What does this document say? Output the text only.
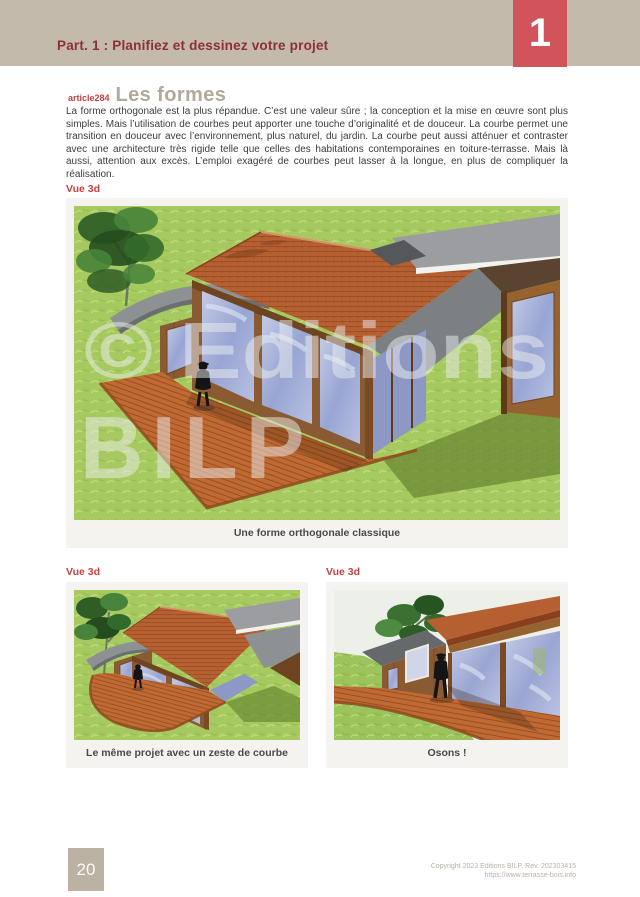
Part. 1 : Planifiez et dessinez votre projet	1
article284 Les formes

La forme orthogonale est la plus répandue. C’est une valeur sûre ; la conception et la mise en œuvre sont plus simples. Mais l’utilisation de courbes peut apporter une touche d’originalité et de douceur. La courbe permet une transition en douceur avec l’environnement, plus naturel, du jardin. La courbe peut aussi atténuer et contraster avec une architecture très rigide telle que celles des habitations contemporaines en toiture-terrasse. Mais là aussi, attention aux excès. L’emploi exagéré de courbes peut lasser à la longue, en plus de compliquer la réalisation.

Vue 3d
© Editions
BILP
Une forme orthogonale classique
Vue 3d	Vue 3d
Le même projet avec un zeste de courbe	Osons !
20	Copyright 2023 Editions BILP. Rev. 202303415
https://www.terrasse-bois.info
